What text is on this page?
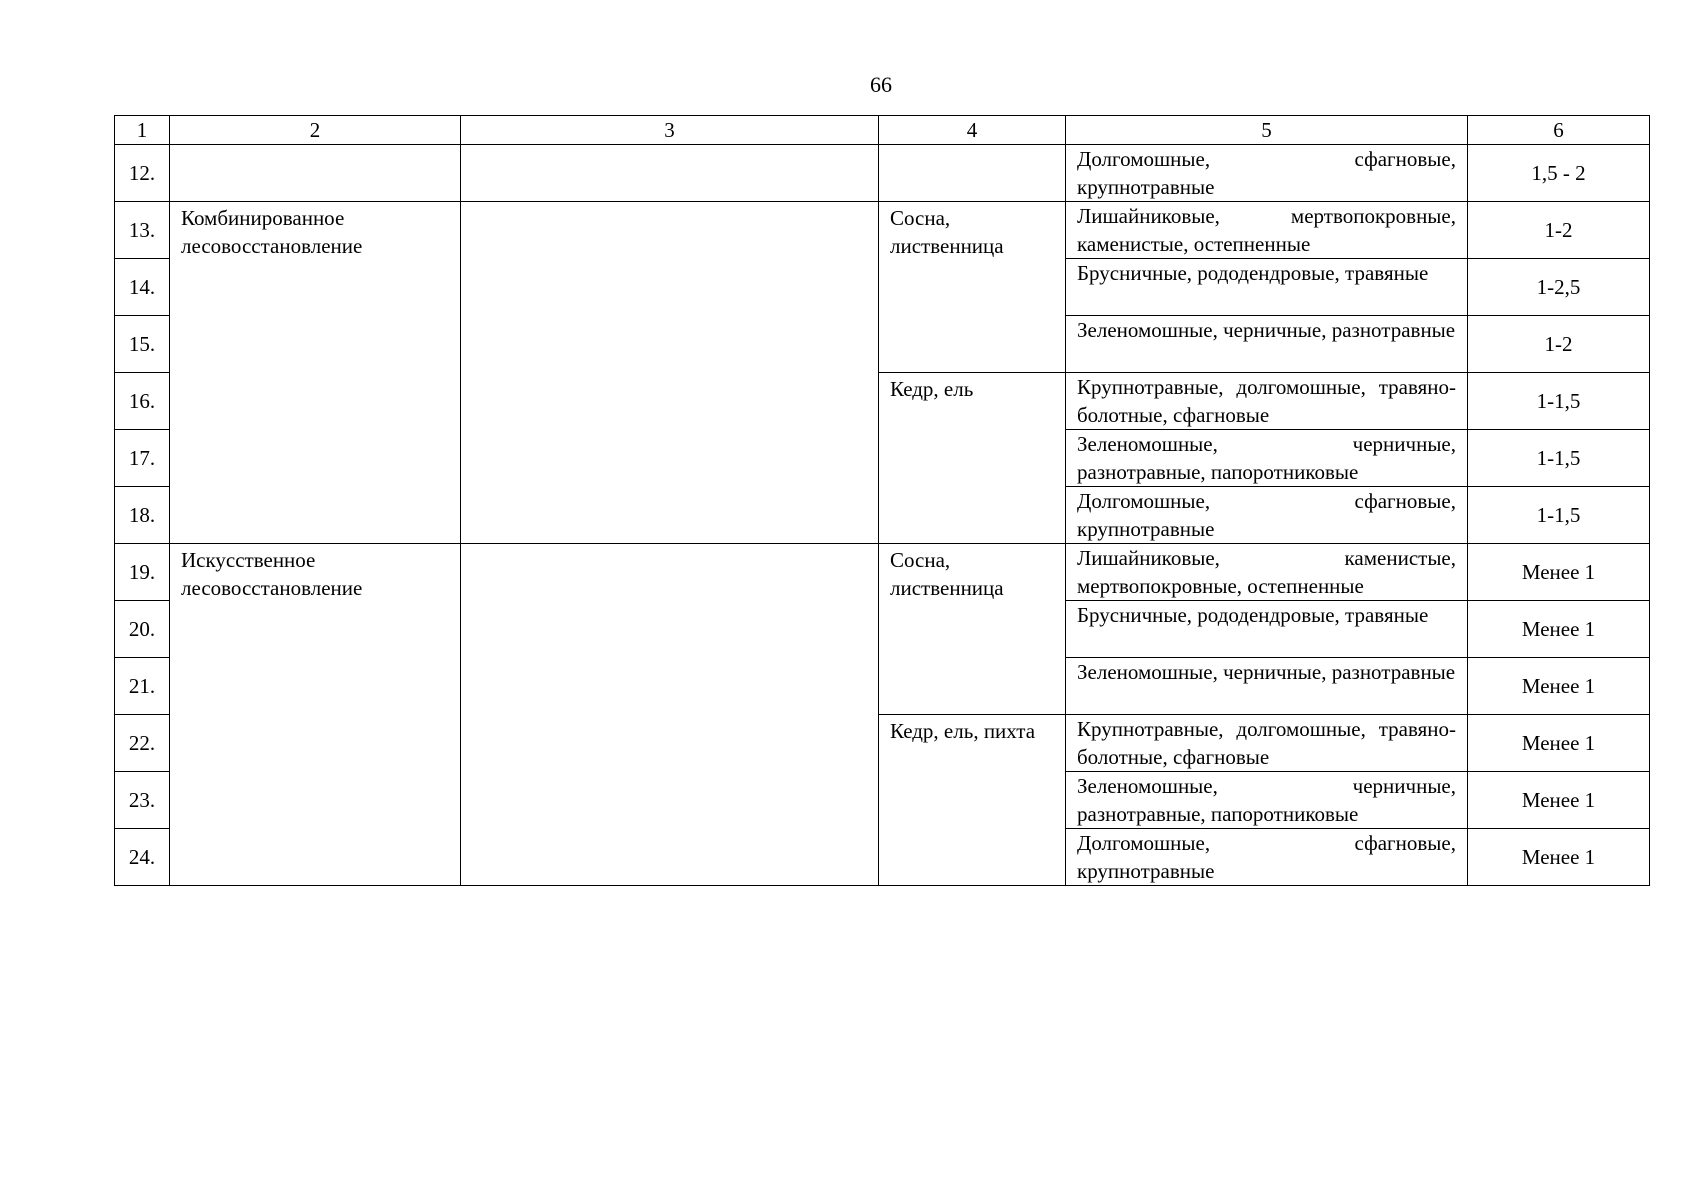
66
1	2	3	4	5	6
12.				Долгомошные, сфагновые, крупнотравные	1,5 - 2
13.	Комбинированное лесовосстановление		Сосна, лиственница	Лишайниковые, мертвопокровные, каменистые, остепненные	1-2
14.				Брусничные, рододендровые, травяные	1-2,5
15.				Зеленомошные, черничные, разнотравные	1-2
16.			Кедр, ель	Крупнотравные, долгомошные, травяно-болотные, сфагновые	1-1,5
17.				Зеленомошные, черничные, разнотравные, папоротниковые	1-1,5
18.				Долгомошные, сфагновые, крупнотравные	1-1,5
19.	Искусственное лесовосстановление		Сосна, лиственница	Лишайниковые, каменистые, мертвопокровные, остепненные	Менее 1
20.				Брусничные, рододендровые, травяные	Менее 1
21.				Зеленомошные, черничные, разнотравные	Менее 1
22.			Кедр, ель, пихта	Крупнотравные, долгомошные, травяно-болотные, сфагновые	Менее 1
23.				Зеленомошные, черничные, разнотравные, папоротниковые	Менее 1
24.				Долгомошные, сфагновые, крупнотравные	Менее 1
